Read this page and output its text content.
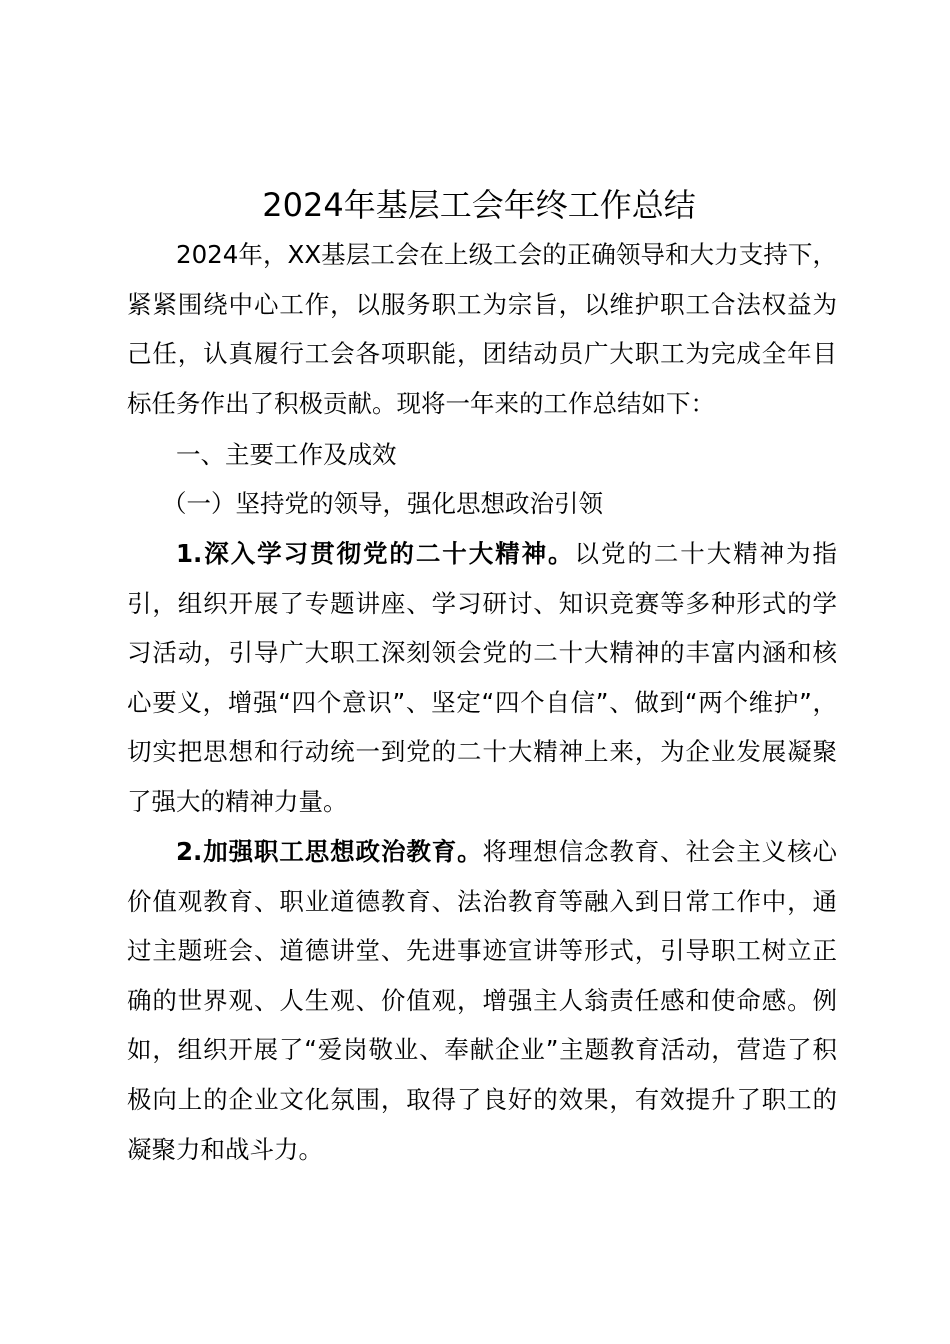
2024年基层工会年终工作总结

2024年，XX基层工会在上级工会的正确领导和大力支持下，紧紧围绕中心工作，以服务职工为宗旨，以维护职工合法权益为己任，认真履行工会各项职能，团结动员广大职工为完成全年目标任务作出了积极贡献。现将一年来的工作总结如下：

一、主要工作及成效

（一）坚持党的领导，强化思想政治引领

1.深入学习贯彻党的二十大精神。以党的二十大精神为指引，组织开展了专题讲座、学习研讨、知识竞赛等多种形式的学习活动，引导广大职工深刻领会党的二十大精神的丰富内涵和核心要义，增强“四个意识”、坚定“四个自信”、做到“两个维护”，切实把思想和行动统一到党的二十大精神上来，为企业发展凝聚了强大的精神力量。

2.加强职工思想政治教育。将理想信念教育、社会主义核心价值观教育、职业道德教育、法治教育等融入到日常工作中，通过主题班会、道德讲堂、先进事迹宣讲等形式，引导职工树立正确的世界观、人生观、价值观，增强主人翁责任感和使命感。例如，组织开展了“爱岗敬业、奉献企业”主题教育活动，营造了积极向上的企业文化氛围，取得了良好的效果，有效提升了职工的凝聚力和战斗力。
